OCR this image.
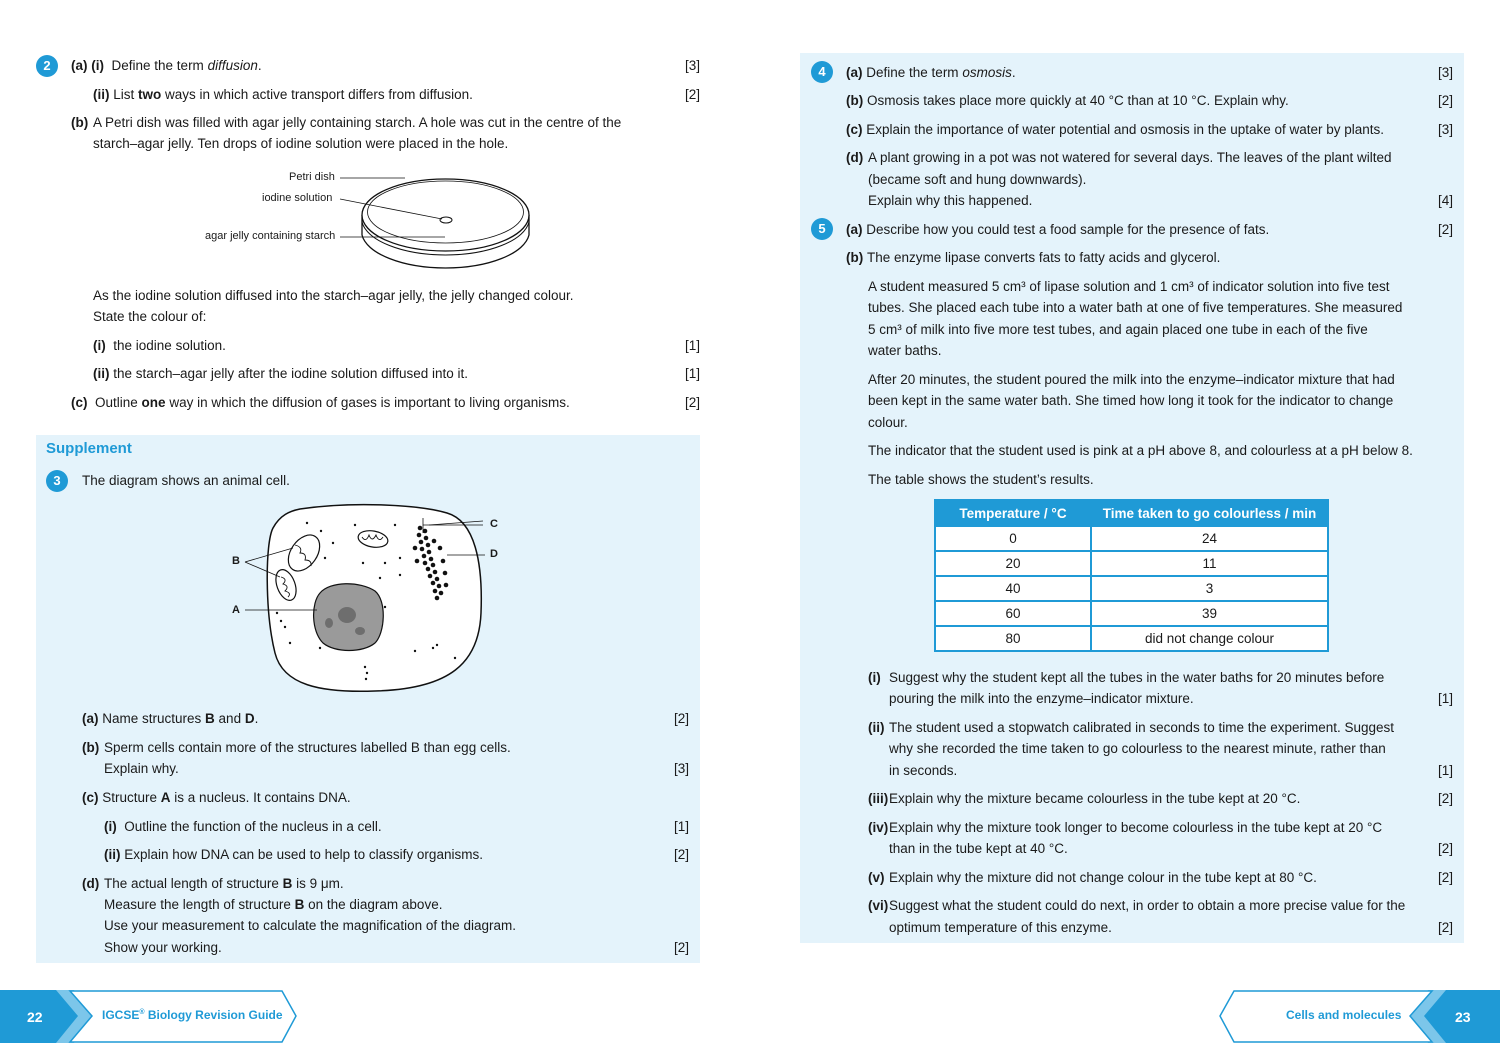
2	(a) (i) Define the term diffusion.	[3]
(ii) List two ways in which active transport differs from diffusion.	[2]
(b) A Petri dish was filled with agar jelly containing starch. A hole was cut in the centre of the
starch–agar jelly. Ten drops of iodine solution were placed in the hole.
Petri dish
iodine solution
agar jelly containing starch
As the iodine solution diffused into the starch–agar jelly, the jelly changed colour.
State the colour of:
(i) the iodine solution.	[1]
(ii) the starch–agar jelly after the iodine solution diffused into it.	[1]
(c) Outline one way in which the diffusion of gases is important to living organisms.	[2]
Supplement
3	The diagram shows an animal cell.
B
A
C
D
(a) Name structures B and D.	[2]
(b) Sperm cells contain more of the structures labelled B than egg cells.
Explain why.	[3]
(c) Structure A is a nucleus. It contains DNA.
(i) Outline the function of the nucleus in a cell.	[1]
(ii) Explain how DNA can be used to help to classify organisms.	[2]
(d) The actual length of structure B is 9 μm.
Measure the length of structure B on the diagram above.
Use your measurement to calculate the magnification of the diagram.
Show your working.	[2]
4	(a) Define the term osmosis.	[3]
(b) Osmosis takes place more quickly at 40 °C than at 10 °C. Explain why.	[2]
(c) Explain the importance of water potential and osmosis in the uptake of water by plants.	[3]
(d) A plant growing in a pot was not watered for several days. The leaves of the plant wilted
(became soft and hung downwards).
Explain why this happened.	[4]
5	(a) Describe how you could test a food sample for the presence of fats.	[2]
(b) The enzyme lipase converts fats to fatty acids and glycerol.
A student measured 5 cm³ of lipase solution and 1 cm³ of indicator solution into five test
tubes. She placed each tube into a water bath at one of five temperatures. She measured
5 cm³ of milk into five more test tubes, and again placed one tube in each of the five
water baths.
After 20 minutes, the student poured the milk into the enzyme–indicator mixture that had
been kept in the same water bath. She timed how long it took for the indicator to change
colour.
The indicator that the student used is pink at a pH above 8, and colourless at a pH below 8.
The table shows the student’s results.
Temperature / °C	Time taken to go colourless / min
0	24
20	11
40	3
60	39
80	did not change colour
(i) Suggest why the student kept all the tubes in the water baths for 20 minutes before
pouring the milk into the enzyme–indicator mixture.	[1]
(ii) The student used a stopwatch calibrated in seconds to time the experiment. Suggest
why she recorded the time taken to go colourless to the nearest minute, rather than
in seconds.	[1]
(iii) Explain why the mixture became colourless in the tube kept at 20 °C.	[2]
(iv) Explain why the mixture took longer to become colourless in the tube kept at 20 °C
than in the tube kept at 40 °C.	[2]
(v) Explain why the mixture did not change colour in the tube kept at 80 °C.	[2]
(vi) Suggest what the student could do next, in order to obtain a more precise value for the
optimum temperature of this enzyme.	[2]
22	IGCSE® Biology Revision Guide	Cells and molecules	23
